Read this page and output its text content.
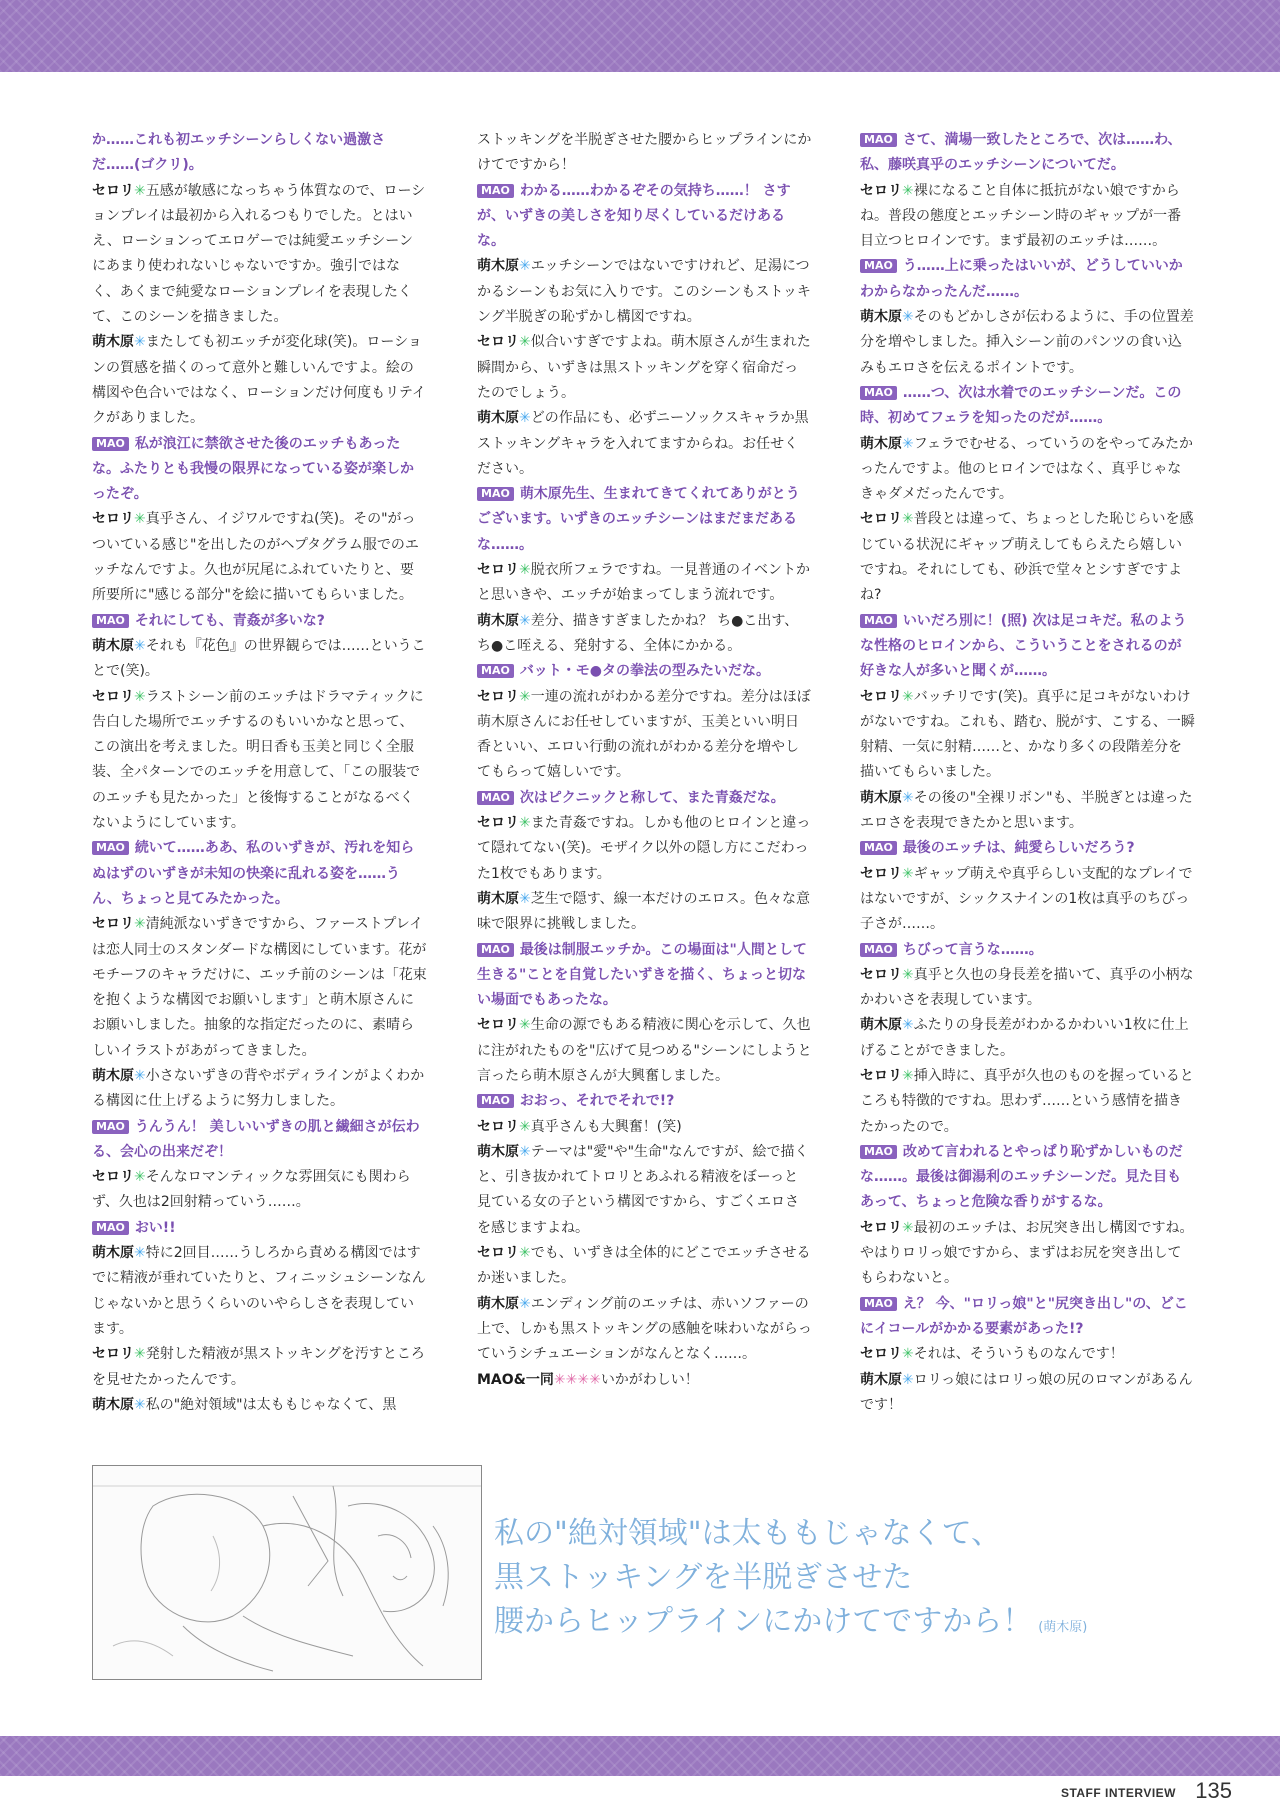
か……これも初エッチシーンらしくない過激さだ……(ゴクリ)。

セロリ✳五感が敏感になっちゃう体質なので、ローションプレイは最初から入れるつもりでした。とはいえ、ローションってエロゲーでは純愛エッチシーンにあまり使われないじゃないですか。強引ではなく、あくまで純愛なローションプレイを表現したくて、このシーンを描きました。

萌木原✳またしても初エッチが変化球(笑)。ローションの質感を描くのって意外と難しいんですよ。絵の構図や色合いではなく、ローションだけ何度もリテイクがありました。

MAO 私が浪江に禁欲させた後のエッチもあったな。ふたりとも我慢の限界になっている姿が楽しかったぞ。

セロリ✳真乎さん、イジワルですね(笑)。その"がっついている感じ"を出したのがヘプタグラム服でのエッチなんですよ。久也が尻尾にふれていたりと、要所要所に"感じる部分"を絵に描いてもらいました。

MAO それにしても、青姦が多いな?

萌木原✳それも『花色』の世界観らでは……ということで(笑)。

セロリ✳ラストシーン前のエッチはドラマティックに告白した場所でエッチするのもいいかなと思って、この演出を考えました。明日香も玉美と同じく全服装、全パターンでのエッチを用意して、「この服装でのエッチも見たかった」と後悔することがなるべくないようにしています。

MAO 続いて……ああ、私のいずきが、汚れを知らぬはずのいずきが未知の快楽に乱れる姿を……うん、ちょっと見てみたかった。

セロリ✳清純派ないずきですから、ファーストプレイは恋人同士のスタンダードな構図にしています。花がモチーフのキャラだけに、エッチ前のシーンは「花束を抱くような構図でお願いします」と萌木原さんにお願いしました。抽象的な指定だったのに、素晴らしいイラストがあがってきました。

萌木原✳小さないずきの背やボディラインがよくわかる構図に仕上げるように努力しました。

MAO うんうん！ 美しいいずきの肌と繊細さが伝わる、会心の出来だぞ！

セロリ✳そんなロマンティックな雰囲気にも関わらず、久也は2回射精っていう……。

MAO おい!!

萌木原✳特に2回目……うしろから責める構図ではすでに精液が垂れていたりと、フィニッシュシーンなんじゃないかと思うくらいのいやらしさを表現しています。

セロリ✳発射した精液が黒ストッキングを汚すところを見せたかったんです。

萌木原✳私の"絶対領域"は太ももじゃなくて、黒

ストッキングを半脱ぎさせた腰からヒップラインにかけてですから！

MAO わかる……わかるぞその気持ち……！ さすが、いずきの美しさを知り尽くしているだけあるな。

萌木原✳エッチシーンではないですけれど、足湯につかるシーンもお気に入りです。このシーンもストッキング半脱ぎの恥ずかし構図ですね。

セロリ✳似合いすぎですよね。萌木原さんが生まれた瞬間から、いずきは黒ストッキングを穿く宿命だったのでしょう。

萌木原✳どの作品にも、必ずニーソックスキャラか黒ストッキングキャラを入れてますからね。お任せください。

MAO 萌木原先生、生まれてきてくれてありがとうございます。いずきのエッチシーンはまだまだあるな……。

セロリ✳脱衣所フェラですね。一見普通のイベントかと思いきや、エッチが始まってしまう流れです。

萌木原✳差分、描きすぎましたかね？ ち●こ出す、ち●こ咥える、発射する、全体にかかる。

MAO バット・モ●タの拳法の型みたいだな。

セロリ✳一連の流れがわかる差分ですね。差分はほぼ萌木原さんにお任せしていますが、玉美といい明日香といい、エロい行動の流れがわかる差分を増やしてもらって嬉しいです。

MAO 次はピクニックと称して、また青姦だな。

セロリ✳また青姦ですね。しかも他のヒロインと違って隠れてない(笑)。モザイク以外の隠し方にこだわった1枚でもあります。

萌木原✳芝生で隠す、線一本だけのエロス。色々な意味で限界に挑戦しました。

MAO 最後は制服エッチか。この場面は"人間として生きる"ことを自覚したいずきを描く、ちょっと切ない場面でもあったな。

セロリ✳生命の源でもある精液に関心を示して、久也に注がれたものを"広げて見つめる"シーンにしようと言ったら萌木原さんが大興奮しました。

MAO おおっ、それでそれで!?

セロリ✳真乎さんも大興奮！(笑)

萌木原✳テーマは"愛"や"生命"なんですが、絵で描くと、引き抜かれてトロリとあふれる精液をぼーっと見ている女の子という構図ですから、すごくエロさを感じますよね。

セロリ✳でも、いずきは全体的にどこでエッチさせるか迷いました。

萌木原✳エンディング前のエッチは、赤いソファーの上で、しかも黒ストッキングの感触を味わいながらっていうシチュエーションがなんとなく……。

MAO&一同✳✳✳✳いかがわしい！

MAO さて、満場一致したところで、次は……わ、私、藤咲真乎のエッチシーンについてだ。

セロリ✳裸になること自体に抵抗がない娘ですからね。普段の態度とエッチシーン時のギャップが一番目立つヒロインです。まず最初のエッチは……。

MAO う……上に乗ったはいいが、どうしていいかわからなかったんだ……。

萌木原✳そのもどかしさが伝わるように、手の位置差分を増やしました。挿入シーン前のパンツの食い込みもエロさを伝えるポイントです。

MAO ……つ、次は水着でのエッチシーンだ。この時、初めてフェラを知ったのだが……。

萌木原✳フェラでむせる、っていうのをやってみたかったんですよ。他のヒロインではなく、真乎じゃなきゃダメだったんです。

セロリ✳普段とは違って、ちょっとした恥じらいを感じている状況にギャップ萌えしてもらえたら嬉しいですね。それにしても、砂浜で堂々とシすぎですよね?

MAO いいだろ別に！(照) 次は足コキだ。私のような性格のヒロインから、こういうことをされるのが好きな人が多いと聞くが……。

セロリ✳バッチリです(笑)。真乎に足コキがないわけがないですね。これも、踏む、脱がす、こする、一瞬射精、一気に射精……と、かなり多くの段階差分を描いてもらいました。

萌木原✳その後の"全裸リボン"も、半脱ぎとは違ったエロさを表現できたかと思います。

MAO 最後のエッチは、純愛らしいだろう?

セロリ✳ギャップ萌えや真乎らしい支配的なプレイではないですが、シックスナインの1枚は真乎のちびっ子さが……。

MAO ちびって言うな……。

セロリ✳真乎と久也の身長差を描いて、真乎の小柄なかわいさを表現しています。

萌木原✳ふたりの身長差がわかるかわいい1枚に仕上げることができました。

セロリ✳挿入時に、真乎が久也のものを握っているところも特徴的ですね。思わず……という感情を描きたかったので。

MAO 改めて言われるとやっぱり恥ずかしいものだな……。最後は御湯利のエッチシーンだ。見た目もあって、ちょっと危険な香りがするな。

セロリ✳最初のエッチは、お尻突き出し構図ですね。やはりロリっ娘ですから、まずはお尻を突き出してもらわないと。

MAO え？ 今、"ロリっ娘"と"尻突き出し"の、どこにイコールがかかる要素があった!?

セロリ✳それは、そういうものなんです！

萌木原✳ロリっ娘にはロリっ娘の尻のロマンがあるんです！

私の"絶対領域"は太ももじゃなくて、
黒ストッキングを半脱ぎさせた
腰からヒップラインにかけてですから！ (萌木原)
STAFF INTERVIEW 135
